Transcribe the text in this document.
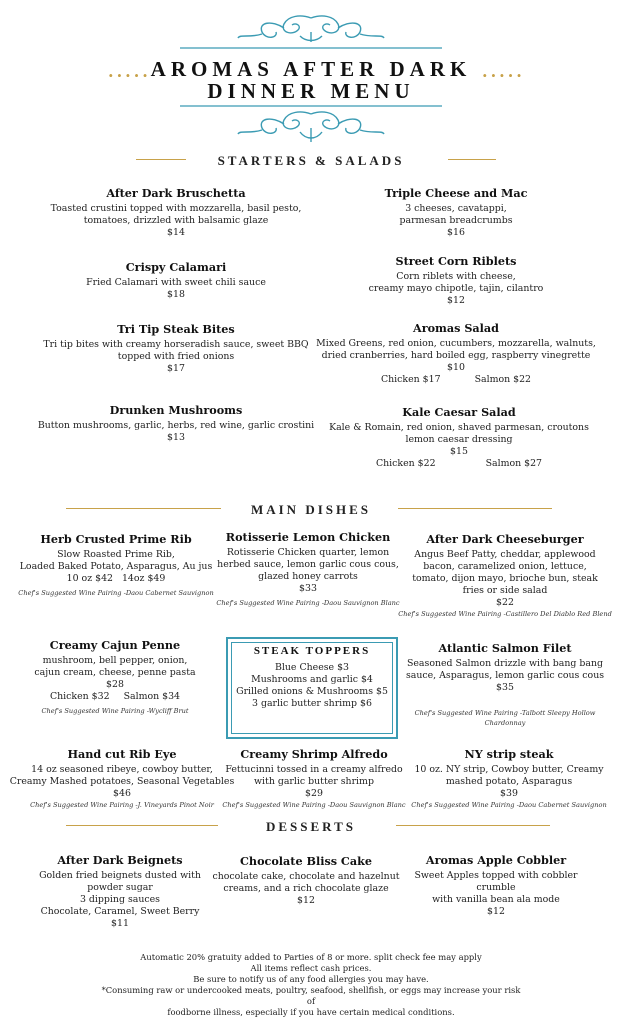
.....	.....
AROMAS AFTER DARK
DINNER MENU
STARTERS & SALADS
After Dark Bruschetta
Toasted crustini topped with mozzarella, basil pesto,
tomatoes, drizzled with balsamic glaze
$14
Crispy Calamari
Fried Calamari with sweet chili sauce
$18
Tri Tip Steak Bites
Tri tip bites with creamy horseradish sauce, sweet BBQ
topped with fried onions
$17
Drunken Mushrooms
Button mushrooms, garlic, herbs, red wine, garlic crostini
$13
Triple Cheese and Mac
3 cheeses, cavatappi,
parmesan breadcrumbs
$16
Street Corn Riblets
Corn riblets with cheese,
creamy mayo chipotle, tajin, cilantro
$12
Aromas Salad
Mixed Greens, red onion, cucumbers, mozzarella, walnuts,
dried cranberries, hard boiled egg, raspberry vinegrette
$10
Chicken $17	Salmon $22
Kale Caesar Salad
Kale & Romain, red onion, shaved parmesan, croutons
lemon caesar dressing
$15
Chicken $22	Salmon $27
MAIN DISHES
Herb Crusted Prime Rib
Slow Roasted Prime Rib,
Loaded Baked Potato, Asparagus, Au jus
10 oz $42   14oz $49
Chef's Suggested Wine Pairing -Daou Cabernet Sauvignon
Rotisserie Lemon Chicken
Rotisserie Chicken quarter, lemon
herbed sauce, lemon garlic cous cous,
glazed honey carrots
$33
Chef's Suggested Wine Pairing -Daou Sauvignon Blanc
After Dark Cheeseburger
Angus Beef Patty, cheddar, applewood
bacon, caramelized onion, lettuce,
tomato, dijon mayo, brioche bun, steak
fries or side salad
$22
Chef's Suggested Wine Pairing -Castillero Del Diablo Red Blend
Creamy Cajun Penne
mushroom, bell pepper, onion,
cajun cream, cheese, penne pasta
$28
Chicken $32 Salmon $34
Chef's Suggested Wine Pairing -Wycliff Brut
STEAK TOPPERS
Blue Cheese $3
Mushrooms and garlic $4
Grilled onions & Mushrooms $5
3 garlic butter shrimp $6
Atlantic Salmon Filet
Seasoned Salmon drizzle with bang bang
sauce, Asparagus, lemon garlic cous cous
$35
Chef's Suggested Wine Pairing -Talbott Sleepy Hollow
Chardonnay
Hand cut Rib Eye
14 oz seasoned ribeye, cowboy butter,
Creamy Mashed potatoes, Seasonal Vegetables
$46
Chef's Suggested Wine Pairing -J. Vineyards Pinot Noir
Creamy Shrimp Alfredo
Fettucinni tossed in a creamy alfredo
with garlic butter shrimp
$29
Chef's Suggested Wine Pairing -Daou Sauvignon Blanc
NY strip steak
10 oz. NY strip, Cowboy butter, Creamy
mashed potato, Asparagus
$39
Chef's Suggested Wine Pairing -Daou Cabernet Sauvignon
DESSERTS
After Dark Beignets
Golden fried beignets dusted with
powder sugar
3 dipping sauces
Chocolate, Caramel, Sweet Berry
$11
Chocolate Bliss Cake
chocolate cake, chocolate and hazelnut
creams, and a rich chocolate glaze
$12
Aromas Apple Cobbler
Sweet Apples topped with cobbler crumble
with vanilla bean ala mode
$12
Automatic 20% gratuity added to Parties of 8 or more. split check fee may apply
All items reflect cash prices.
Be sure to notify us of any food allergies you may have.
*Consuming raw or undercooked meats, poultry, seafood, shellfish, or eggs may increase your risk of
foodborne illness, especially if you have certain medical conditions.
